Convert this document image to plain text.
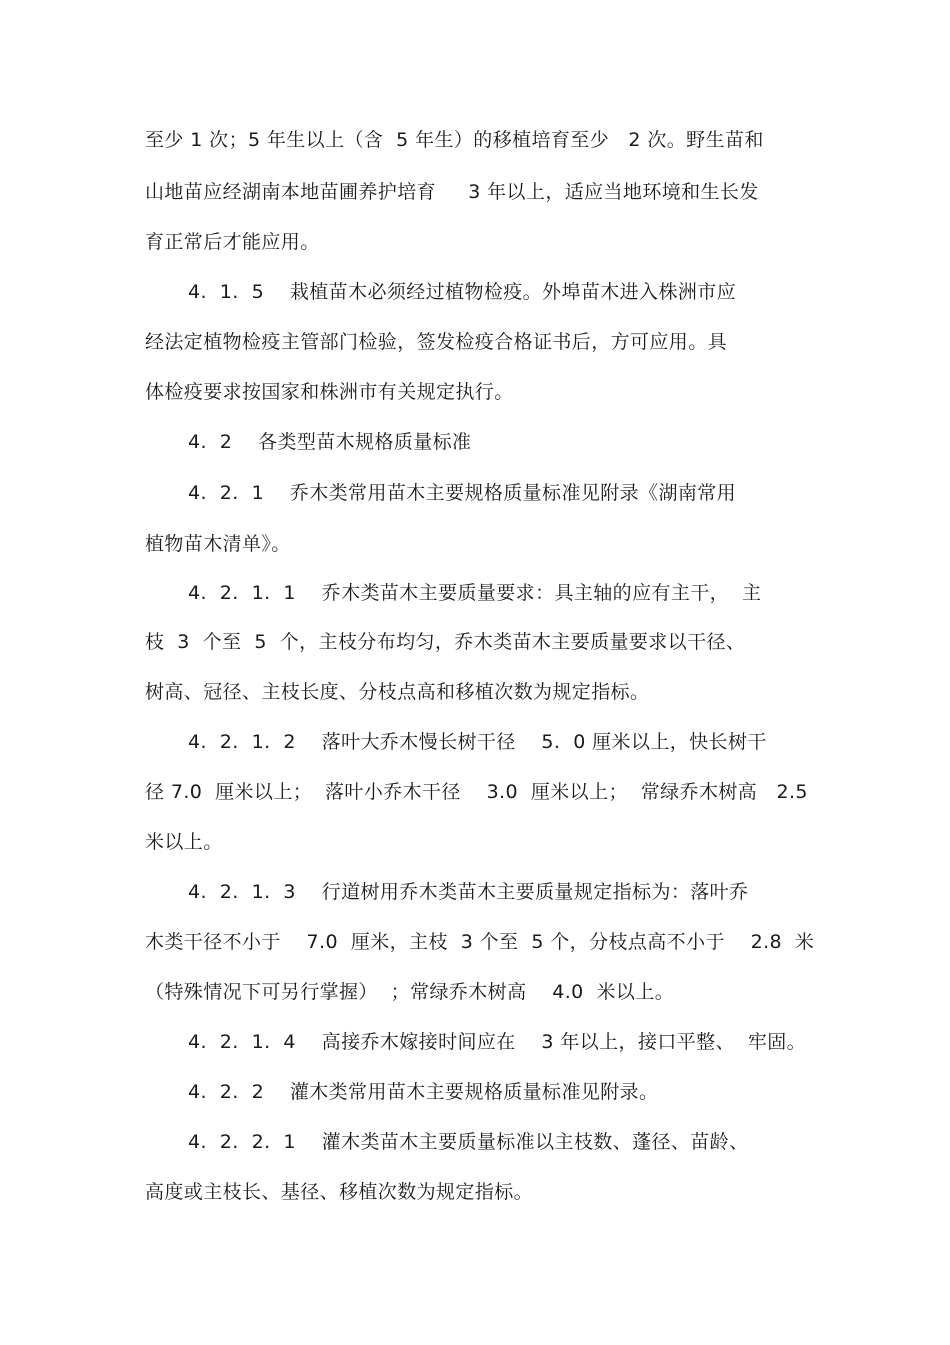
至少 1 次；5 年生以上（含  5 年生）的移植培育至少   2 次。野生苗和
山地苗应经湖南本地苗圃养护培育     3 年以上，适应当地环境和生长发
育正常后才能应用。
4.  1.  5    栽植苗木必须经过植物检疫。外埠苗木进入株洲市应
经法定植物检疫主管部门检验，签发检疫合格证书后，方可应用。具
体检疫要求按国家和株洲市有关规定执行。
4.  2    各类型苗木规格质量标准
4.  2.  1    乔木类常用苗木主要规格质量标准见附录《湖南常用
植物苗木清单》。
4.  2.  1.  1    乔木类苗木主要质量要求：具主轴的应有主干，  主
枝  3  个至  5  个，主枝分布均匀，乔木类苗木主要质量要求以干径、
树高、冠径、主枝长度、分枝点高和移植次数为规定指标。
4.  2.  1.  2    落叶大乔木慢长树干径    5.  0 厘米以上，快长树干
径 7.0  厘米以上；  落叶小乔木干径    3.0  厘米以上；  常绿乔木树高   2.5
米以上。
4.  2.  1.  3    行道树用乔木类苗木主要质量规定指标为：落叶乔
木类干径不小于    7.0  厘米，主枝  3 个至  5 个，分枝点高不小于    2.8  米
（特殊情况下可另行掌握）  ；常绿乔木树高    4.0  米以上。
4.  2.  1.  4    高接乔木嫁接时间应在    3 年以上，接口平整、  牢固。
4.  2.  2    灌木类常用苗木主要规格质量标准见附录。
4.  2.  2.  1    灌木类苗木主要质量标准以主枝数、蓬径、苗龄、
高度或主枝长、基径、移植次数为规定指标。
